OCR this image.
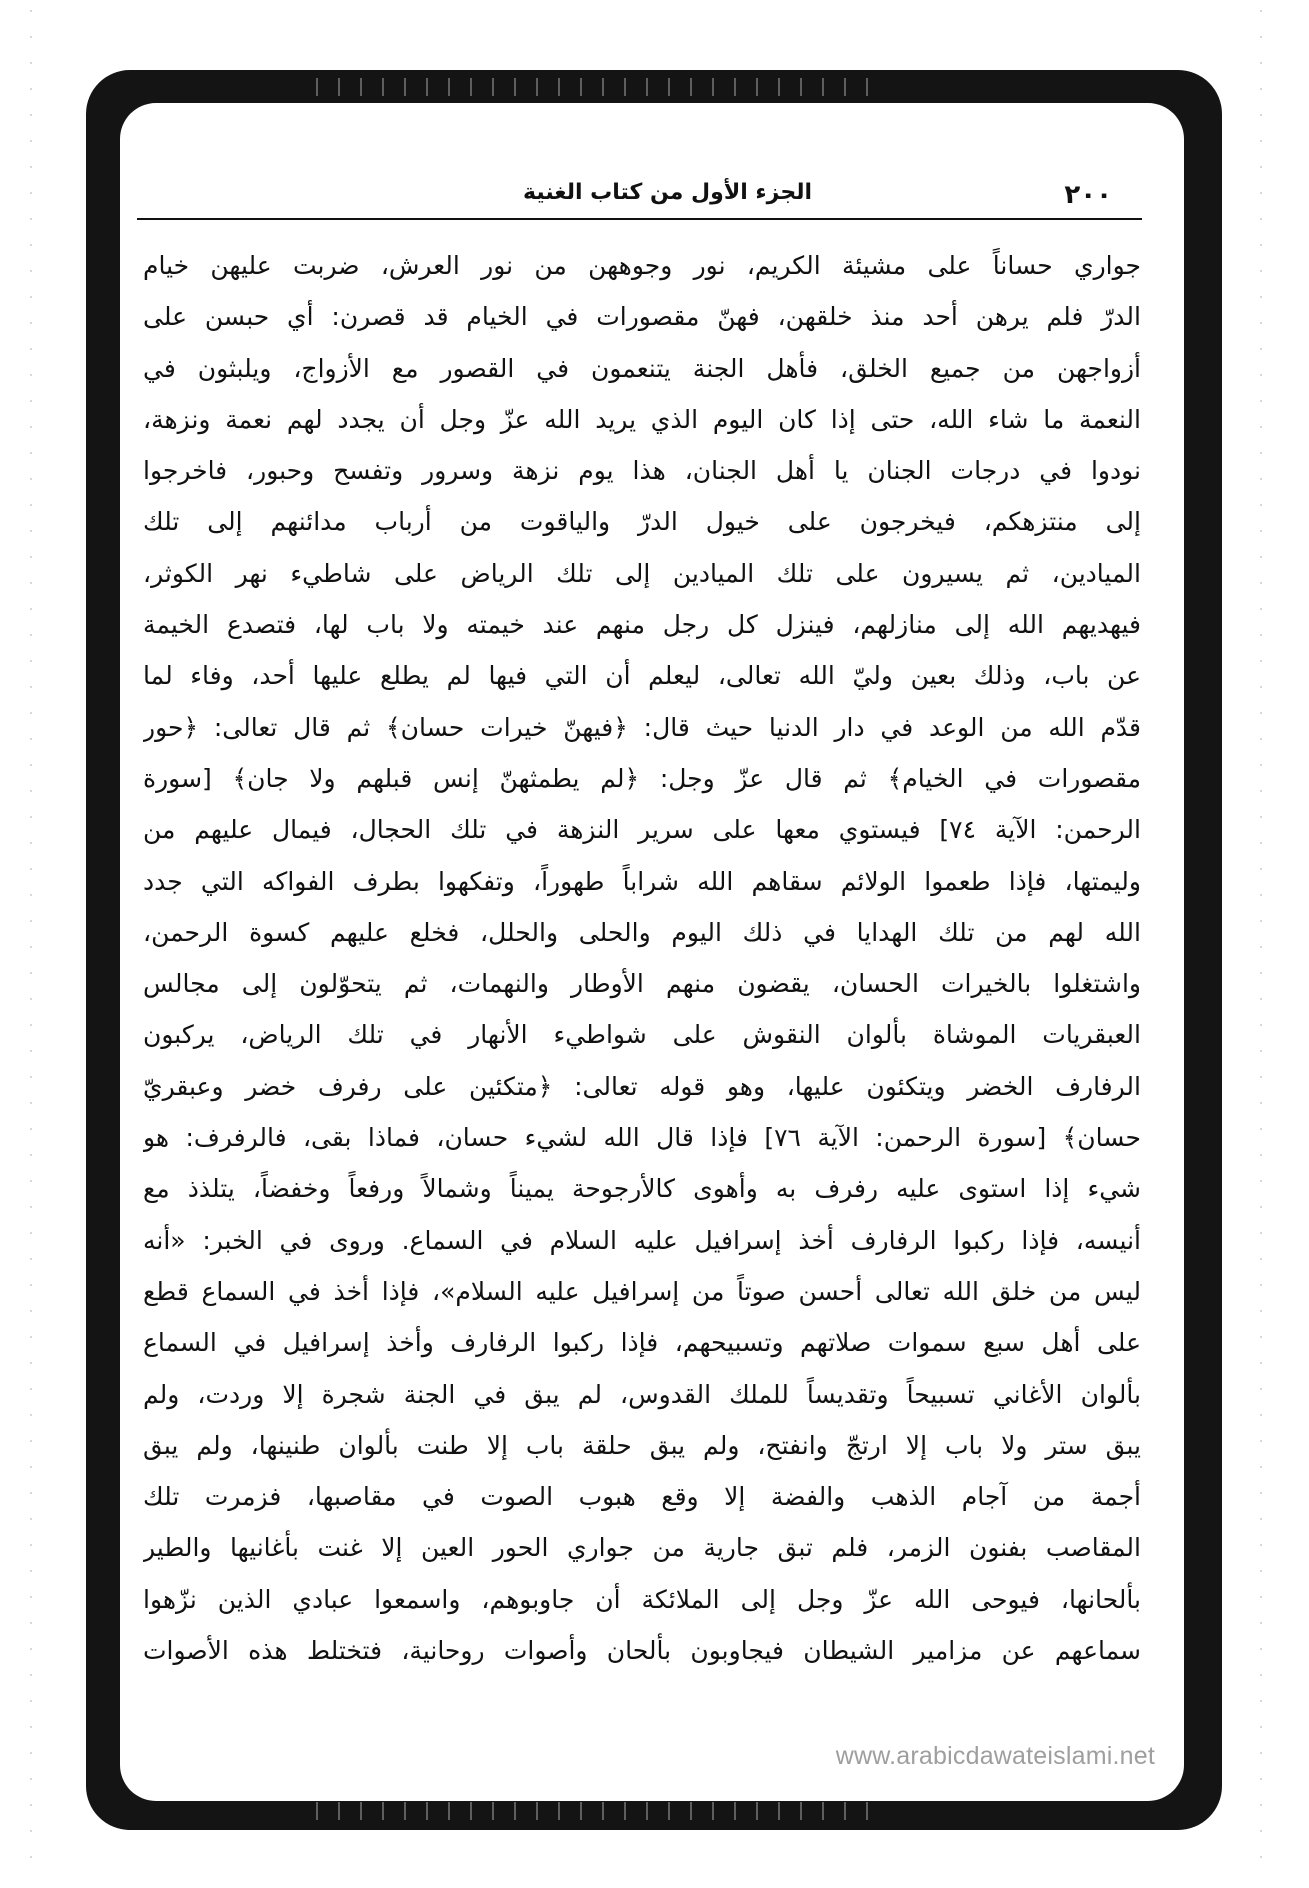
٢٠٠
الجزء الأول من كتاب الغنية
جواري حساناً على مشيئة الكريم، نور وجوههن من نور العرش، ضربت عليهن خيام
الدرّ فلم يرهن أحد منذ خلقهن، فهنّ مقصورات في الخيام قد قصرن: أي حبسن على
أزواجهن من جميع الخلق، فأهل الجنة يتنعمون في القصور مع الأزواج، ويلبثون في
النعمة ما شاء الله، حتى إذا كان اليوم الذي يريد الله عزّ وجل أن يجدد لهم نعمة ونزهة،
نودوا في درجات الجنان يا أهل الجنان، هذا يوم نزهة وسرور وتفسح وحبور، فاخرجوا
إلى منتزهكم، فيخرجون على خيول الدرّ والياقوت من أرباب مدائنهم إلى تلك
الميادين، ثم يسيرون على تلك الميادين إلى تلك الرياض على شاطيء نهر الكوثر،
فيهديهم الله إلى منازلهم، فينزل كل رجل منهم عند خيمته ولا باب لها، فتصدع الخيمة
عن باب، وذلك بعين وليّ الله تعالى، ليعلم أن التي فيها لم يطلع عليها أحد، وفاء لما
قدّم الله من الوعد في دار الدنيا حيث قال: ﴿فيهنّ خيرات حسان﴾ ثم قال تعالى: ﴿حور
مقصورات في الخيام﴾ ثم قال عزّ وجل: ﴿لم يطمثهنّ إنس قبلهم ولا جان﴾ [سورة
الرحمن: الآية ٧٤] فيستوي معها على سرير النزهة في تلك الحجال، فيمال عليهم من
وليمتها، فإذا طعموا الولائم سقاهم الله شراباً طهوراً، وتفكهوا بطرف الفواكه التي جدد
الله لهم من تلك الهدايا في ذلك اليوم والحلى والحلل، فخلع عليهم كسوة الرحمن،
واشتغلوا بالخيرات الحسان، يقضون منهم الأوطار والنهمات، ثم يتحوّلون إلى مجالس
العبقريات الموشاة بألوان النقوش على شواطيء الأنهار في تلك الرياض، يركبون
الرفارف الخضر ويتكئون عليها، وهو قوله تعالى: ﴿متكئين على رفرف خضر وعبقريّ
حسان﴾ [سورة الرحمن: الآية ٧٦] فإذا قال الله لشيء حسان، فماذا بقى، فالرفرف: هو
شيء إذا استوى عليه رفرف به وأهوى كالأرجوحة يميناً وشمالاً ورفعاً وخفضاً، يتلذذ مع
أنيسه، فإذا ركبوا الرفارف أخذ إسرافيل عليه السلام في السماع. وروى في الخبر: «أنه
ليس من خلق الله تعالى أحسن صوتاً من إسرافيل عليه السلام»، فإذا أخذ في السماع قطع
على أهل سبع سموات صلاتهم وتسبيحهم، فإذا ركبوا الرفارف وأخذ إسرافيل في السماع
بألوان الأغاني تسبيحاً وتقديساً للملك القدوس، لم يبق في الجنة شجرة إلا وردت، ولم
يبق ستر ولا باب إلا ارتجّ وانفتح، ولم يبق حلقة باب إلا طنت بألوان طنينها، ولم يبق
أجمة من آجام الذهب والفضة إلا وقع هبوب الصوت في مقاصبها، فزمرت تلك
المقاصب بفنون الزمر، فلم تبق جارية من جواري الحور العين إلا غنت بأغانيها والطير
بألحانها، فيوحى الله عزّ وجل إلى الملائكة أن جاوبوهم، واسمعوا عبادي الذين نزّهوا
سماعهم عن مزامير الشيطان فيجاوبون بألحان وأصوات روحانية، فتختلط هذه الأصوات
www.arabicdawateislami.net
